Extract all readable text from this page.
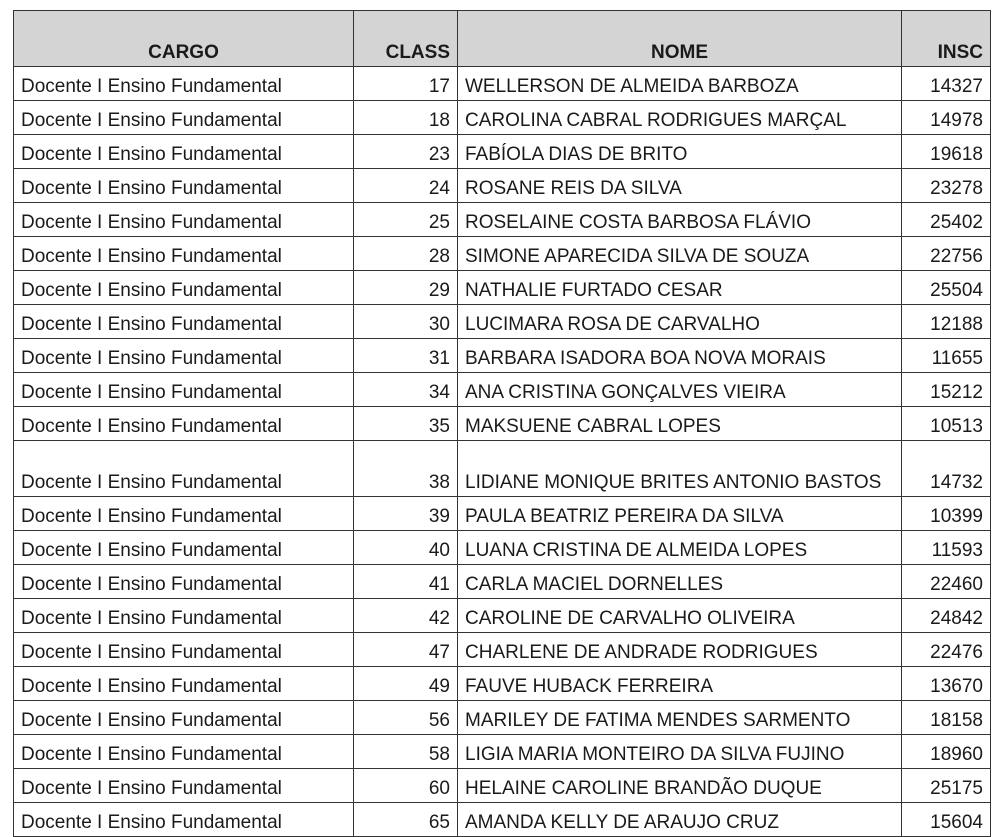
CARGO	CLASS	NOME	INSC
Docente I Ensino Fundamental	17	WELLERSON DE ALMEIDA BARBOZA	14327
Docente I Ensino Fundamental	18	CAROLINA CABRAL RODRIGUES MARÇAL	14978
Docente I Ensino Fundamental	23	FABÍOLA DIAS DE BRITO	19618
Docente I Ensino Fundamental	24	ROSANE REIS DA SILVA	23278
Docente I Ensino Fundamental	25	ROSELAINE COSTA BARBOSA FLÁVIO	25402
Docente I Ensino Fundamental	28	SIMONE APARECIDA SILVA DE SOUZA	22756
Docente I Ensino Fundamental	29	NATHALIE FURTADO CESAR	25504
Docente I Ensino Fundamental	30	LUCIMARA ROSA DE CARVALHO	12188
Docente I Ensino Fundamental	31	BARBARA ISADORA BOA NOVA MORAIS	11655
Docente I Ensino Fundamental	34	ANA CRISTINA GONÇALVES VIEIRA	15212
Docente I Ensino Fundamental	35	MAKSUENE CABRAL LOPES	10513
Docente I Ensino Fundamental	38	LIDIANE MONIQUE BRITES ANTONIO BASTOS	14732
Docente I Ensino Fundamental	39	PAULA BEATRIZ PEREIRA DA SILVA	10399
Docente I Ensino Fundamental	40	LUANA CRISTINA DE ALMEIDA LOPES	11593
Docente I Ensino Fundamental	41	CARLA MACIEL DORNELLES	22460
Docente I Ensino Fundamental	42	CAROLINE DE CARVALHO OLIVEIRA	24842
Docente I Ensino Fundamental	47	CHARLENE DE ANDRADE RODRIGUES	22476
Docente I Ensino Fundamental	49	FAUVE HUBACK FERREIRA	13670
Docente I Ensino Fundamental	56	MARILEY DE FATIMA MENDES SARMENTO	18158
Docente I Ensino Fundamental	58	LIGIA MARIA MONTEIRO DA SILVA FUJINO	18960
Docente I Ensino Fundamental	60	HELAINE CAROLINE BRANDÃO DUQUE	25175
Docente I Ensino Fundamental	65	AMANDA KELLY DE ARAUJO CRUZ	15604
